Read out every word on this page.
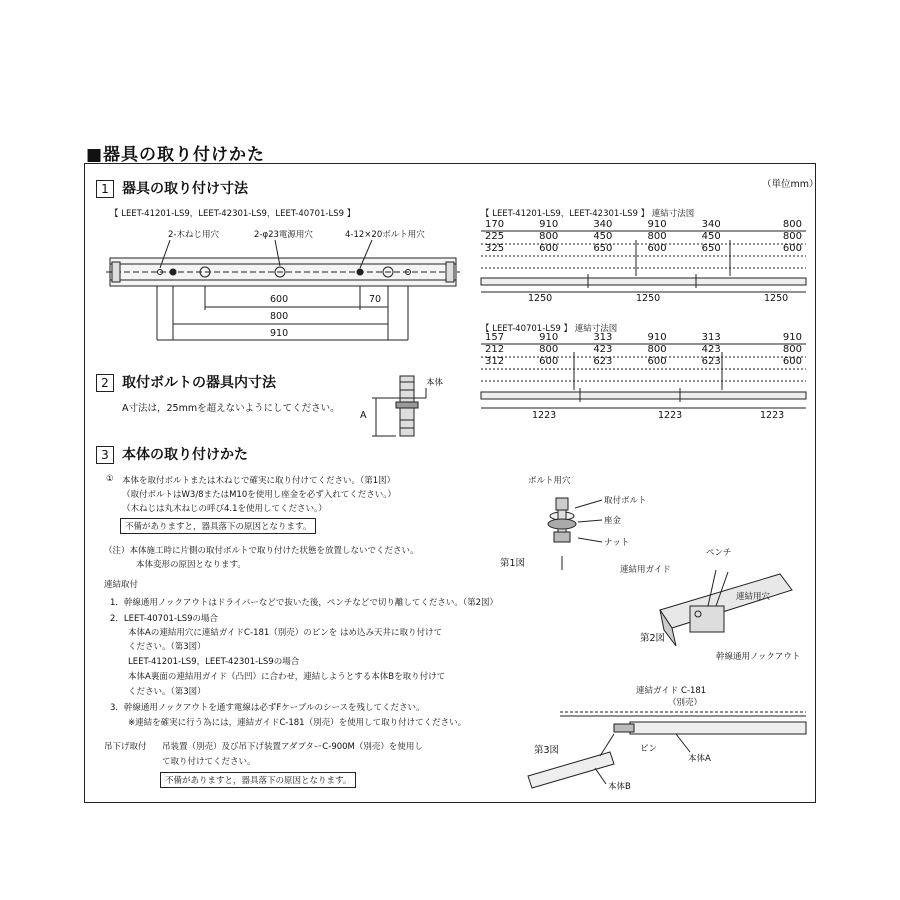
■器具の取り付けかた
（単位mm）
1 器具の取り付け寸法
【 LEET-41201-LS9，LEET-42301-LS9，LEET-40701-LS9 】
2-木ねじ用穴	2-φ23電源用穴	4-12×20ボルト用穴
600	70
800
910
【 LEET-41201-LS9，LEET-42301-LS9 】 連結寸法図
170	910	340	910	340	800
225	800	450	800	450	800
325	600	650	600	650	600
1250	1250	1250
【 LEET-40701-LS9 】 連結寸法図
157	910	313	910	313	910
212	800	423	800	423	800
312	600	623	600	623	600
1223	1223	1223
2 取付ボルトの器具内寸法
A寸法は，25mmを超えないようにしてください。
本体
A
3 本体の取り付けかた
① 本体を取付ボルトまたは木ねじで確実に取り付けてください。（第1図）
（取付ボルトはW3/8またはM10を使用し座金を必ず入れてください。）
（木ねじは丸木ねじの呼び4.1を使用してください。）
不備がありますと，器具落下の原因となります。
（注）本体施工時に片側の取付ボルトで取り付けた状態を放置しないでください。
本体変形の原因となります。
連結取付
1．幹線通用ノックアウトはドライバーなどで抜いた後，ペンチなどで切り離してください。（第2図）
2．LEET-40701-LS9の場合
本体Aの連結用穴に連結ガイドC-181（別売）のピンを はめ込み天井に取り付けて
ください。（第3図）
LEET-41201-LS9，LEET-42301-LS9の場合
本体A裏面の連結用ガイド（凸凹）に合わせ，連結しようとする本体Bを取り付けて
ください。（第3図）
3．幹線通用ノックアウトを通す電線は必ずFケーブルのシースを残してください。
※連結を確実に行う為には，連結ガイドC-181（別売）を使用して取り付けてください。
吊下げ取付 吊装置（別売）及び吊下げ装置アダプターC-900M（別売）を使用し
て取り付けてください。
不備がありますと，器具落下の原因となります。
ボルト用穴
取付ボルト
座金
ナット
第1図
ペンチ
連結用ガイド
連結用穴
第2図
幹線通用ノックアウト
連結ガイド C-181
（別売）
第3図	ピン
本体A
本体B
